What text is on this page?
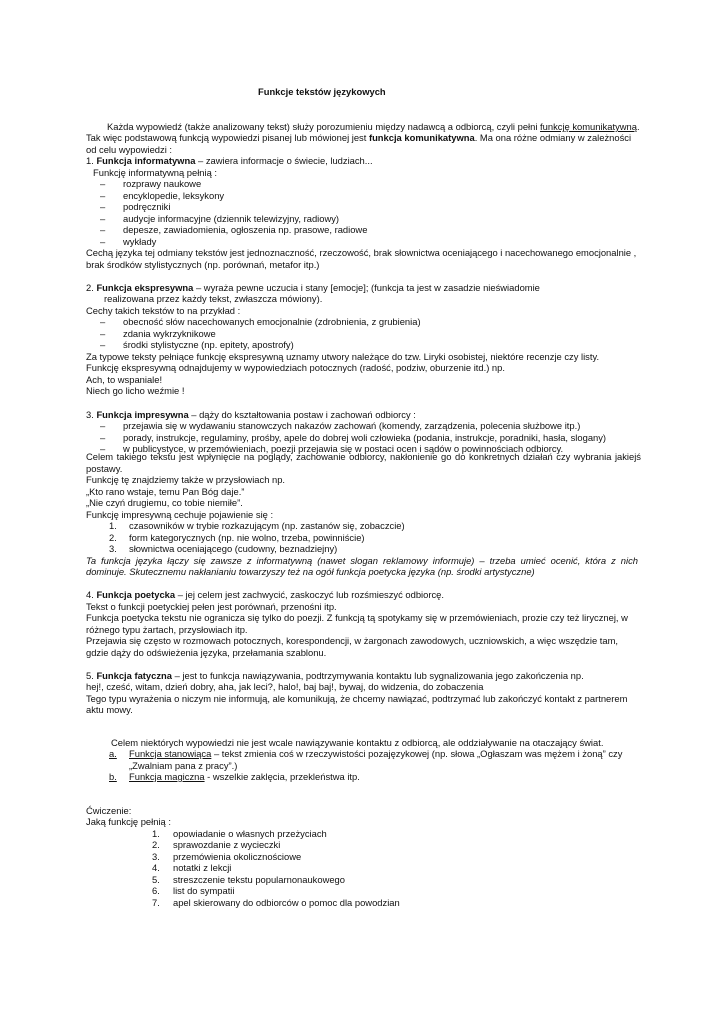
Funkcje tekstów językowych
Każda wypowiedź (także analizowany tekst) służy porozumieniu między nadawcą a odbiorcą, czyli pełni funkcję komunikatywną.
Tak więc podstawową funkcją wypowiedzi pisanej lub mówionej jest funkcja komunikatywna. Ma ona różne odmiany w zależności
od celu wypowiedzi :
1. Funkcja informatywna – zawiera informacje o świecie, ludziach...
Funkcję informatywną pełnią :
– rozprawy naukowe
– encyklopedie, leksykony
– podręczniki
– audycje informacyjne (dziennik telewizyjny, radiowy)
– depesze, zawiadomienia, ogłoszenia np. prasowe, radiowe
– wykłady
Cechą języka tej odmiany tekstów jest jednoznaczność, rzeczowość, brak słownictwa oceniającego i nacechowanego emocjonalnie ,
brak środków stylistycznych (np. porównań, metafor itp.)
2. Funkcja ekspresywna – wyraża pewne uczucia i stany [emocje]; (funkcja ta jest w zasadzie nieświadomie
realizowana przez każdy tekst, zwłaszcza mówiony).
Cechy takich tekstów to na przykład :
– obecność słów nacechowanych emocjonalnie (zdrobnienia, z grubienia)
– zdania wykrzyknikowe
– środki stylistyczne (np. epitety, apostrofy)
Za typowe teksty pełniące funkcję ekspresywną uznamy utwory należące do tzw. Liryki osobistej, niektóre recenzje czy listy.
Funkcję ekspresywną odnajdujemy w wypowiedziach potocznych (radość, podziw, oburzenie itd.) np.
Ach, to wspaniale!
Niech go licho weźmie !
3. Funkcja impresywna – dąży do kształtowania postaw i zachowań odbiorcy :
– przejawia się w wydawaniu stanowczych nakazów zachowań (komendy, zarządzenia, polecenia służbowe itp.)
– porady, instrukcje, regulaminy, prośby, apele do dobrej woli człowieka (podania, instrukcje, poradniki, hasła, slogany)
– w publicystyce, w przemówieniach, poezji przejawia się w postaci ocen i sądów o powinnościach odbiorcy.
Celem takiego tekstu jest wpłynięcie na poglądy, zachowanie odbiorcy, nakłonienie go do konkretnych działań czy wybrania jakiejś
postawy.
Funkcję tę znajdziemy także w przysłowiach np.
„Kto rano wstaje, temu Pan Bóg daje.”
„Nie czyń drugiemu, co tobie niemiłe”.
Funkcję impresywną cechuje pojawienie się :
1. czasowników w trybie rozkazującym (np. zastanów się, zobaczcie)
2. form kategorycznych (np. nie wolno, trzeba, powinniście)
3. słownictwa oceniającego (cudowny, beznadziejny)
Ta funkcja języka łączy się zawsze z informatywną (nawet slogan reklamowy informuje) – trzeba umieć ocenić, która z nich
dominuje. Skutecznemu nakłanianiu towarzyszy też na ogół funkcja poetycka języka (np. środki artystyczne)
4. Funkcja poetycka – jej celem jest zachwycić, zaskoczyć lub rozśmieszyć odbiorcę.
Tekst o funkcji poetyckiej pełen jest porównań, przenośni itp.
Funkcja poetycka tekstu nie ogranicza się tylko do poezji. Z funkcją tą spotykamy się w przemówieniach, prozie czy też lirycznej, w
różnego typu żartach, przysłowiach itp.
Przejawia się często w rozmowach potocznych, korespondencji, w żargonach zawodowych, uczniowskich, a więc wszędzie tam,
gdzie dąży do odświeżenia języka, przełamania szablonu.
5. Funkcja fatyczna – jest to funkcja nawiązywania, podtrzymywania kontaktu lub sygnalizowania jego zakończenia np.
hej!, cześć, witam, dzień dobry, aha, jak leci?, halo!, baj baj!, bywaj, do widzenia, do zobaczenia
Tego typu wyrażenia o niczym nie informują, ale komunikują, że chcemy nawiązać, podtrzymać lub zakończyć kontakt z partnerem
aktu mowy.
Celem niektórych wypowiedzi nie jest wcale nawiązywanie kontaktu z odbiorcą, ale oddziaływanie na otaczający świat.
a. Funkcja stanowiąca – tekst zmienia coś w rzeczywistości pozajęzykowej (np. słowa „Ogłaszam was mężem i żoną” czy
„Zwalniam pana z pracy”.)
b. Funkcja magiczna - wszelkie zaklęcia, przekleństwa itp.
Ćwiczenie:
Jaką funkcję pełnią :
1. opowiadanie o własnych przeżyciach
2. sprawozdanie z wycieczki
3. przemówienia okolicznościowe
4. notatki z lekcji
5. streszczenie tekstu popularnonaukowego
6. list do sympatii
7. apel skierowany do odbiorców o pomoc dla powodzian
